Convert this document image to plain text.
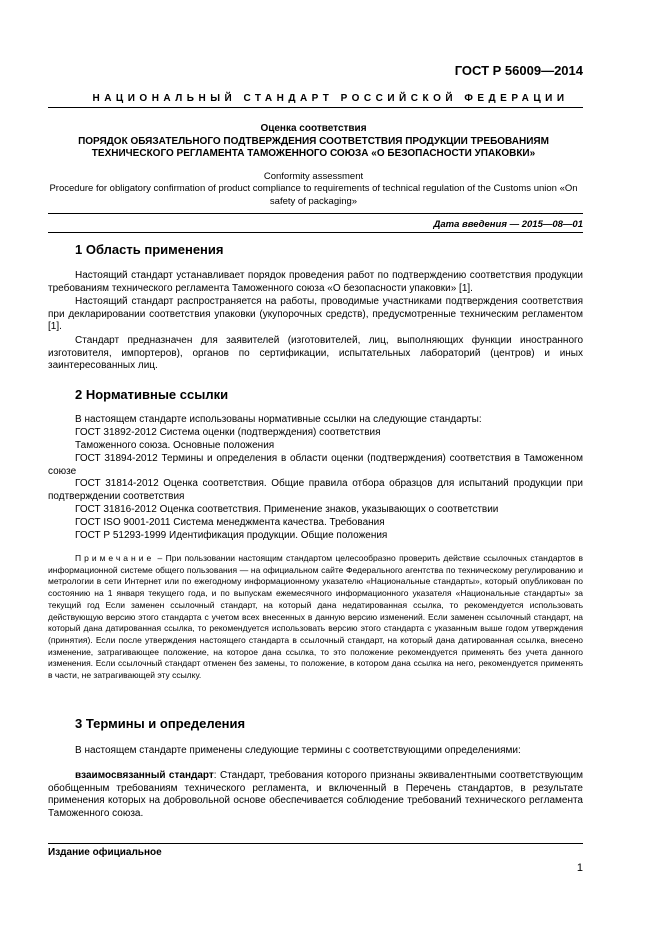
ГОСТ Р 56009—2014
НАЦИОНАЛЬНЫЙ СТАНДАРТ РОССИЙСКОЙ ФЕДЕРАЦИИ
Оценка соответствия
ПОРЯДОК ОБЯЗАТЕЛЬНОГО ПОДТВЕРЖДЕНИЯ СООТВЕТСТВИЯ ПРОДУКЦИИ ТРЕБОВАНИЯМ ТЕХНИЧЕСКОГО РЕГЛАМЕНТА ТАМОЖЕННОГО СОЮЗА «О БЕЗОПАСНОСТИ УПАКОВКИ»
Conformity assessment
Procedure for obligatory confirmation of product compliance to requirements of technical regulation of the Customs union «On safety of packaging»
Дата введения — 2015—08—01
1 Область применения

Настоящий стандарт устанавливает порядок проведения работ по подтверждению соответствия продукции требованиям технического регламента Таможенного союза «О безопасности упаковки» [1].

Настоящий стандарт распространяется на работы, проводимые участниками подтверждения соответствия при декларировании соответствия упаковки (укупорочных средств), предусмотренные техническим регламентом [1].

Стандарт предназначен для заявителей (изготовителей, лиц, выполняющих функции иностранного изготовителя, импортеров), органов по сертификации, испытательных лабораторий (центров) и иных заинтересованных лиц.

2 Нормативные ссылки

В настоящем стандарте использованы нормативные ссылки на следующие стандарты:

ГОСТ 31892-2012 Система оценки (подтверждения) соответствия

Таможенного союза. Основные положения

ГОСТ 31894-2012 Термины и определения в области оценки (подтверждения) соответствия в Таможенном союзе

ГОСТ 31814-2012 Оценка соответствия. Общие правила отбора образцов для испытаний продукции при подтверждении соответствия

ГОСТ 31816-2012 Оценка соответствия. Применение знаков, указывающих о соответствии

ГОСТ ISO 9001-2011 Система менеджмента качества. Требования

ГОСТ Р 51293-1999 Идентификация продукции. Общие положения

Примечание – При пользовании настоящим стандартом целесообразно проверить действие ссылочных стандартов в информационной системе общего пользования — на официальном сайте Федерального агентства по техническому регулированию и метрологии в сети Интернет или по ежегодному информационному указателю «Национальные стандарты», который опубликован по состоянию на 1 января текущего года, и по выпускам ежемесячного информационного указателя «Национальные стандарты» за текущий год Если заменен ссылочный стандарт, на который дана недатированная ссылка, то рекомендуется использовать действующую версию этого стандарта с учетом всех внесенных в данную версию изменений. Если заменен ссылочный стандарт, на который дана датированная ссылка, то рекомендуется использовать версию этого стандарта с указанным выше годом утверждения (принятия). Если после утверждения настоящего стандарта в ссылочный стандарт, на который дана датированная ссылка, внесено изменение, затрагивающее положение, на которое дана ссылка, то это положение рекомендуется применять без учета данного изменения. Если ссылочный стандарт отменен без замены, то положение, в котором дана ссылка на него, рекомендуется применять в части, не затрагивающей эту ссылку.

3 Термины и определения

В настоящем стандарте применены следующие термины с соответствующими определениями:

взаимосвязанный стандарт: Стандарт, требования которого признаны эквивалентными соответствующим обобщенным требованиям технического регламента, и включенный в Перечень стандартов, в результате применения которых на добровольной основе обеспечивается соблюдение требований технического регламента Таможенного союза.

Издание официальное
1
